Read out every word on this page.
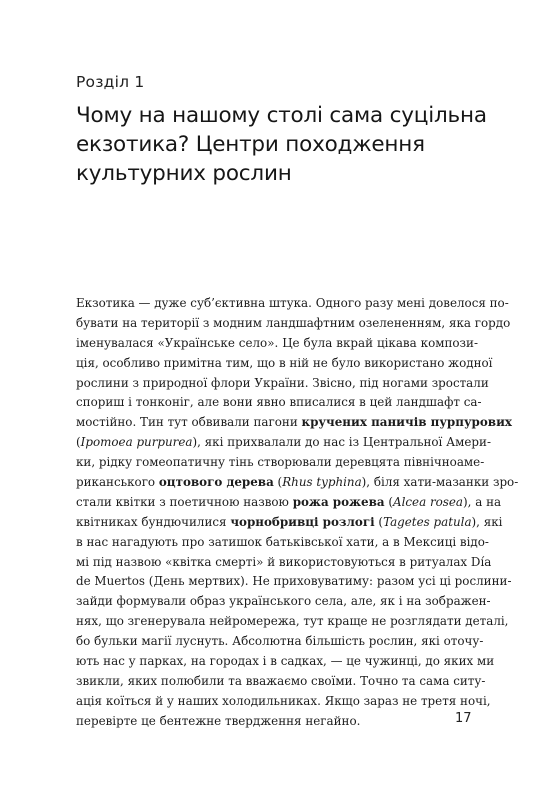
Розділ 1
Чому на нашому столі сама суцільна екзотика? Центри походження культурних рослин
Екзотика — дуже суб’єктивна штука. Одного разу мені довелося по-
бувати на території з модним ландшафтним озелененням, яка гордо
іменувалася «Українське село». Це була вкрай цікава компози-
ція, особливо примітна тим, що в ній не було використано жодної
рослини з природної флори України. Звісно, під ногами зростали
спориш і тонконіг, але вони явно вписалися в цей ландшафт са-
мостійно. Тин тут обвивали пагони кручених паничів пурпурових
(Ipomoea purpurea), які прихвалали до нас із Центральної Амери-
ки, рідку гомеопатичну тінь створювали деревцята північноаме-
риканського оцтового дерева (Rhus typhina), біля хати-мазанки зро-
стали квітки з поетичною назвою рожа рожева (Alcea rosea), а на
квітниках бундючилися чорнобривці розлогі (Tagetes patula), які
в нас нагадують про затишок батьківської хати, а в Мексиці відо-
мі під назвою «квітка смерті» й використовуються в ритуалах Día
de Muertos (День мертвих). Не приховуватиму: разом усі ці рослини-
зайди формували образ українського села, але, як і на зображен-
нях, що згенерувала нейромережа, тут краще не розглядати деталі,
бо бульки магії луснуть. Абсолютна більшість рослин, які оточу-
ють нас у парках, на городах і в садках, — це чужинці, до яких ми
звикли, яких полюбили та вважаємо своїми. Точно та сама ситу-
ація коїться й у наших холодильниках. Якщо зараз не третя ночі,
перевірте це бентежне твердження негайно.	17
